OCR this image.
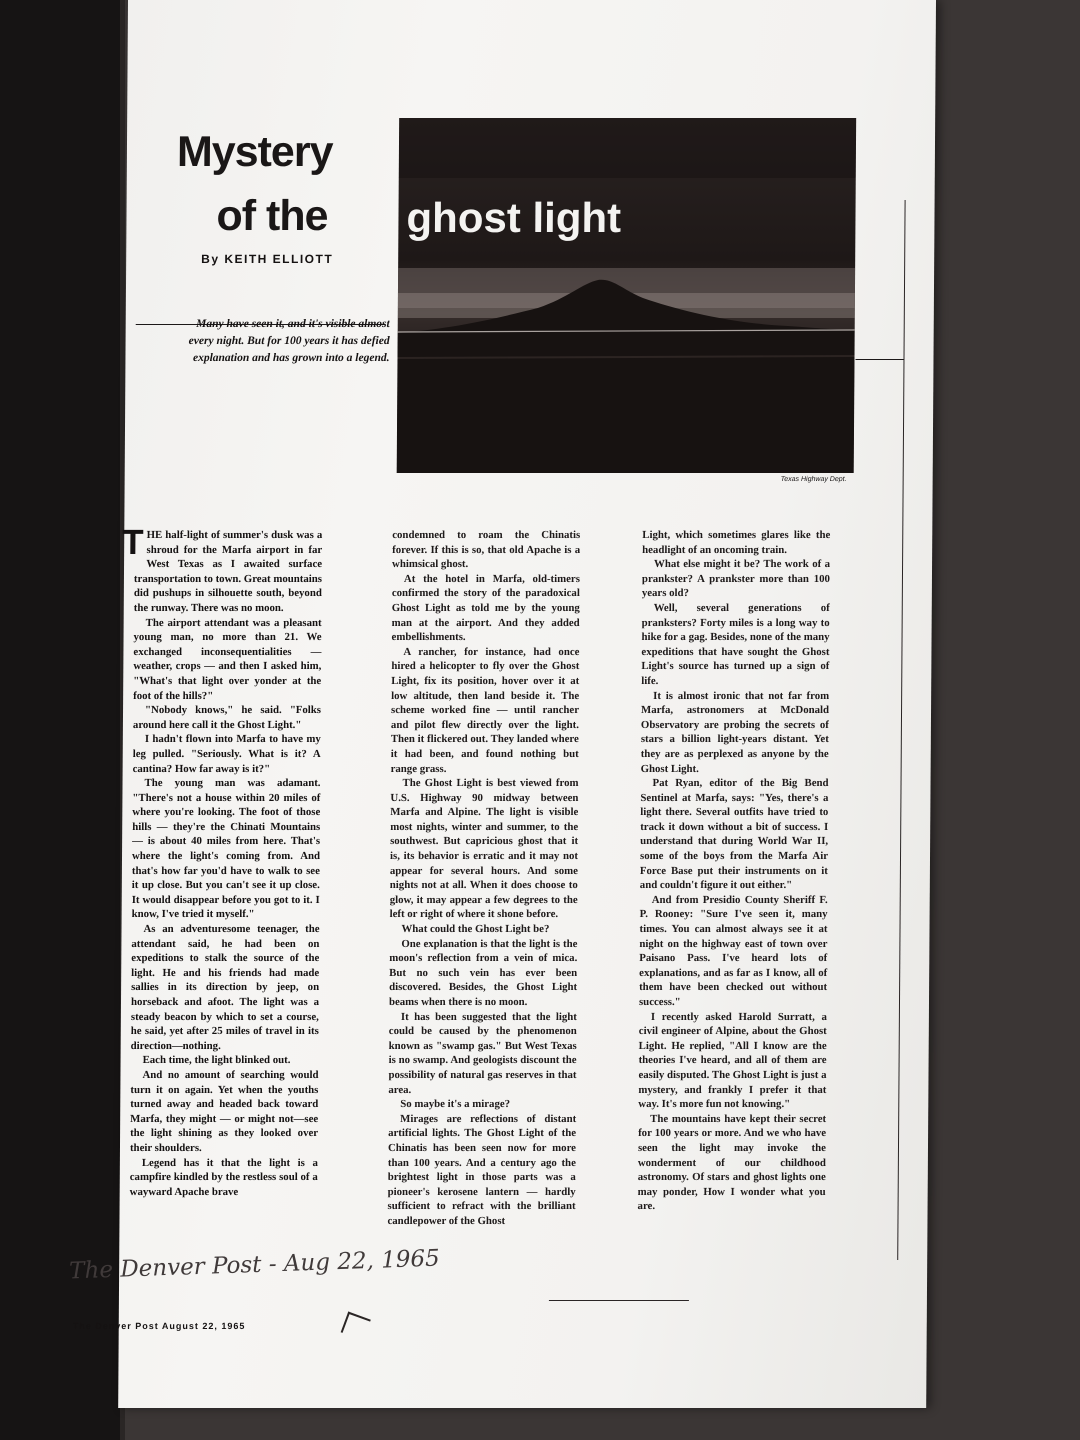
Mystery
of the
By KEITH ELLIOTT
ghost light
Texas Highway Dept.
Many have seen it, and it's visible almost every night. But for 100 years it has defied explanation and has grown into a legend.
T HE half-light of summer's dusk was a shroud for the Marfa airport in far West Texas as I awaited surface transportation to town. Great mountains did pushups in silhouette south, beyond the runway. There was no moon.

The airport attendant was a pleasant young man, no more than 21. We exchanged inconsequentialities — weather, crops — and then I asked him, "What's that light over yonder at the foot of the hills?"

"Nobody knows," he said. "Folks around here call it the Ghost Light."

I hadn't flown into Marfa to have my leg pulled. "Seriously. What is it? A cantina? How far away is it?"

The young man was adamant. "There's not a house within 20 miles of where you're looking. The foot of those hills — they're the Chinati Mountains — is about 40 miles from here. That's where the light's coming from. And that's how far you'd have to walk to see it up close. But you can't see it up close. It would disappear before you got to it. I know, I've tried it myself."

As an adventuresome teenager, the attendant said, he had been on expeditions to stalk the source of the light. He and his friends had made sallies in its direction by jeep, on horseback and afoot. The light was a steady beacon by which to set a course, he said, yet after 25 miles of travel in its direction—nothing.

Each time, the light blinked out.

And no amount of searching would turn it on again. Yet when the youths turned away and headed back toward Marfa, they might — or might not—see the light shining as they looked over their shoulders.

Legend has it that the light is a campfire kindled by the restless soul of a wayward Apache brave

condemned to roam the Chinatis forever. If this is so, that old Apache is a whimsical ghost.

At the hotel in Marfa, old-timers confirmed the story of the paradoxical Ghost Light as told me by the young man at the airport. And they added embellishments.

A rancher, for instance, had once hired a helicopter to fly over the Ghost Light, fix its position, hover over it at low altitude, then land beside it. The scheme worked fine — until rancher and pilot flew directly over the light. Then it flickered out. They landed where it had been, and found nothing but range grass.

The Ghost Light is best viewed from U.S. Highway 90 midway between Marfa and Alpine. The light is visible most nights, winter and summer, to the southwest. But capricious ghost that it is, its behavior is erratic and it may not appear for several hours. And some nights not at all. When it does choose to glow, it may appear a few degrees to the left or right of where it shone before.

What could the Ghost Light be?

One explanation is that the light is the moon's reflection from a vein of mica. But no such vein has ever been discovered. Besides, the Ghost Light beams when there is no moon.

It has been suggested that the light could be caused by the phenomenon known as "swamp gas." But West Texas is no swamp. And geologists discount the possibility of natural gas reserves in that area.

So maybe it's a mirage?

Mirages are reflections of distant artificial lights. The Ghost Light of the Chinatis has been seen now for more than 100 years. And a century ago the brightest light in those parts was a pioneer's kerosene lantern — hardly sufficient to refract with the brilliant candlepower of the Ghost

Light, which sometimes glares like the headlight of an oncoming train.

What else might it be? The work of a prankster? A prankster more than 100 years old?

Well, several generations of pranksters? Forty miles is a long way to hike for a gag. Besides, none of the many expeditions that have sought the Ghost Light's source has turned up a sign of life.

It is almost ironic that not far from Marfa, astronomers at McDonald Observatory are probing the secrets of stars a billion light-years distant. Yet they are as perplexed as anyone by the Ghost Light.

Pat Ryan, editor of the Big Bend Sentinel at Marfa, says: "Yes, there's a light there. Several outfits have tried to track it down without a bit of success. I understand that during World War II, some of the boys from the Marfa Air Force Base put their instruments on it and couldn't figure it out either."

And from Presidio County Sheriff F. P. Rooney: "Sure I've seen it, many times. You can almost always see it at night on the highway east of town over Paisano Pass. I've heard lots of explanations, and as far as I know, all of them have been checked out without success."

I recently asked Harold Surratt, a civil engineer of Alpine, about the Ghost Light. He replied, "All I know are the theories I've heard, and all of them are easily disputed. The Ghost Light is just a mystery, and frankly I prefer it that way. It's more fun not knowing."

The mountains have kept their secret for 100 years or more. And we who have seen the light may invoke the wonderment of our childhood astronomy. Of stars and ghost lights one may ponder, How I wonder what you are.

The Denver Post - Aug 22, 1965
The Denver Post August 22, 1965
